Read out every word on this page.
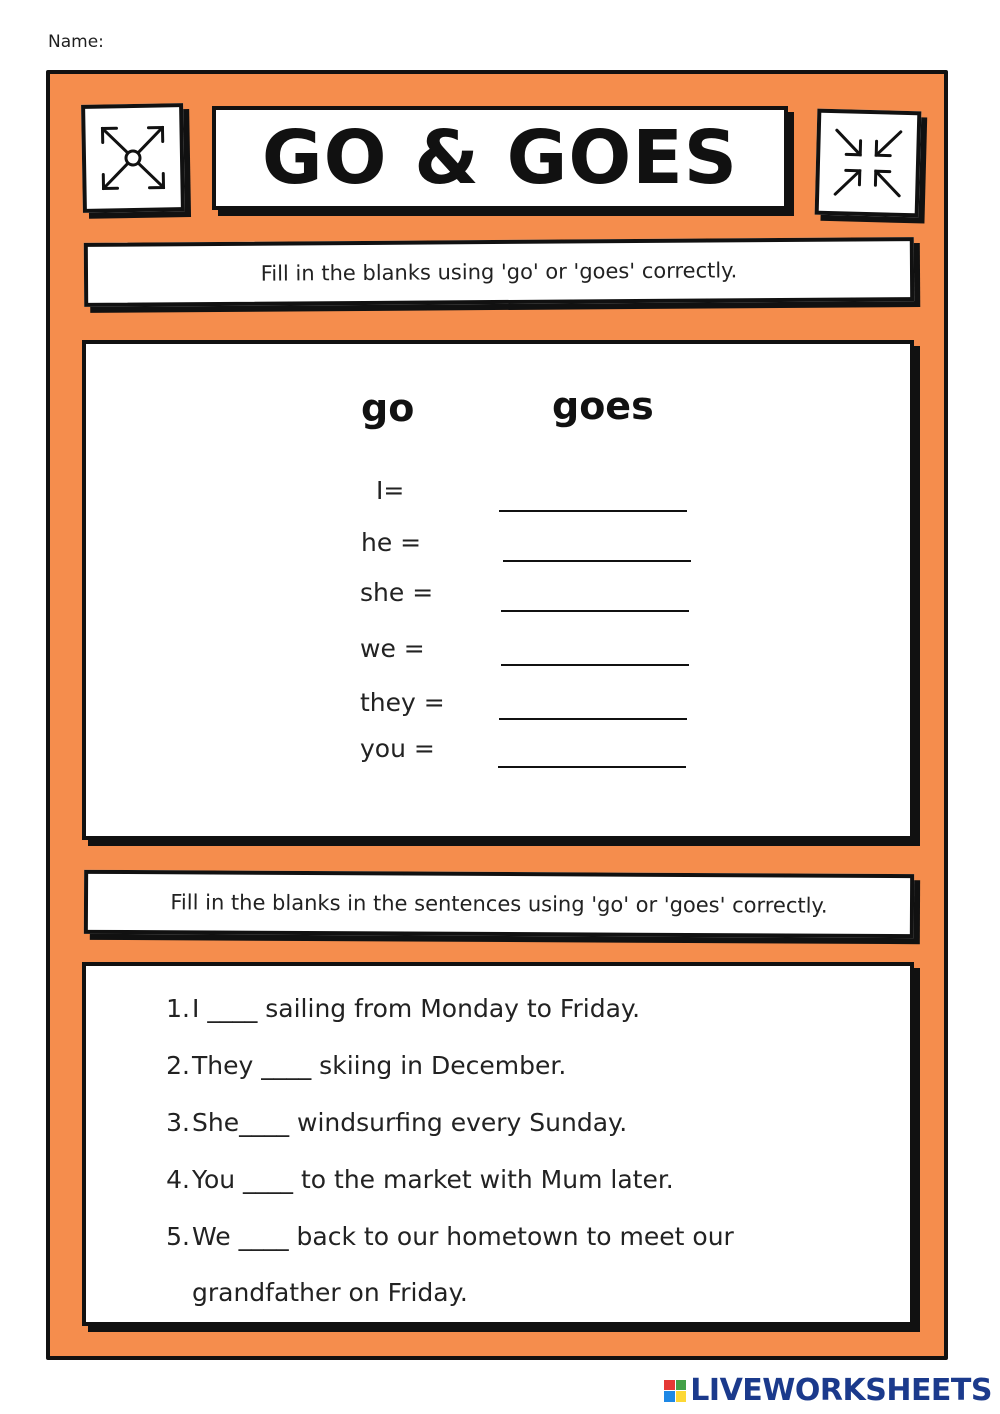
Name:
GO & GOES
Fill in the blanks using 'go' or 'goes' correctly.
go	goes
I=
he =
she =
we =
they =
you =
Fill in the blanks in the sentences using 'go' or 'goes' correctly.
1.I ____ sailing from Monday to Friday.
2.They ____ skiing in December.
3.She____ windsurfing every Sunday.
4.You ____ to the market with Mum later.
5.We ____ back to our hometown to meet our
grandfather on Friday.
LIVEWORKSHEETS
